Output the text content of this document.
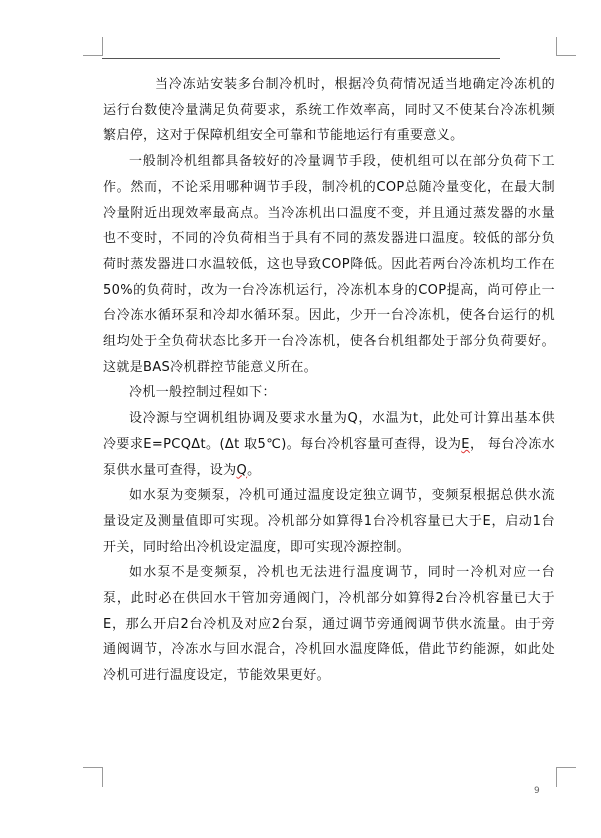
当冷冻站安装多台制冷机时，根据冷负荷情况适当地确定冷冻机的运行台数使冷量满足负荷要求，系统工作效率高，同时又不使某台冷冻机频繁启停，这对于保障机组安全可靠和节能地运行有重要意义。

一般制冷机组都具备较好的冷量调节手段，使机组可以在部分负荷下工作。然而，不论采用哪种调节手段，制冷机的COP总随冷量变化，在最大制冷量附近出现效率最高点。当冷冻机出口温度不变，并且通过蒸发器的水量也不变时，不同的冷负荷相当于具有不同的蒸发器进口温度。较低的部分负荷时蒸发器进口水温较低，这也导致COP降低。因此若两台冷冻机均工作在50%的负荷时，改为一台冷冻机运行，冷冻机本身的COP提高，尚可停止一台冷冻水循环泵和冷却水循环泵。因此，少开一台冷冻机，使各台运行的机组均处于全负荷状态比多开一台冷冻机，使各台机组都处于部分负荷要好。这就是BAS冷机群控节能意义所在。

冷机一般控制过程如下：

设冷源与空调机组协调及要求水量为Q，水温为t，此处可计算出基本供冷要求E=PCQΔt。(Δt 取5℃)。每台冷机容量可查得，设为E， 每台冷冻水泵供水量可查得，设为Q。

如水泵为变频泵，冷机可通过温度设定独立调节，变频泵根据总供水流量设定及测量值即可实现。冷机部分如算得1台冷机容量已大于E，启动1台开关，同时给出冷机设定温度，即可实现冷源控制。

如水泵不是变频泵，冷机也无法进行温度调节，同时一冷机对应一台泵，此时必在供回水干管加旁通阀门，冷机部分如算得2台冷机容量已大于E，那么开启2台冷机及对应2台泵，通过调节旁通阀调节供水流量。由于旁通阀调节，冷冻水与回水混合，冷机回水温度降低，借此节约能源，如此处冷机可进行温度设定，节能效果更好。

9
